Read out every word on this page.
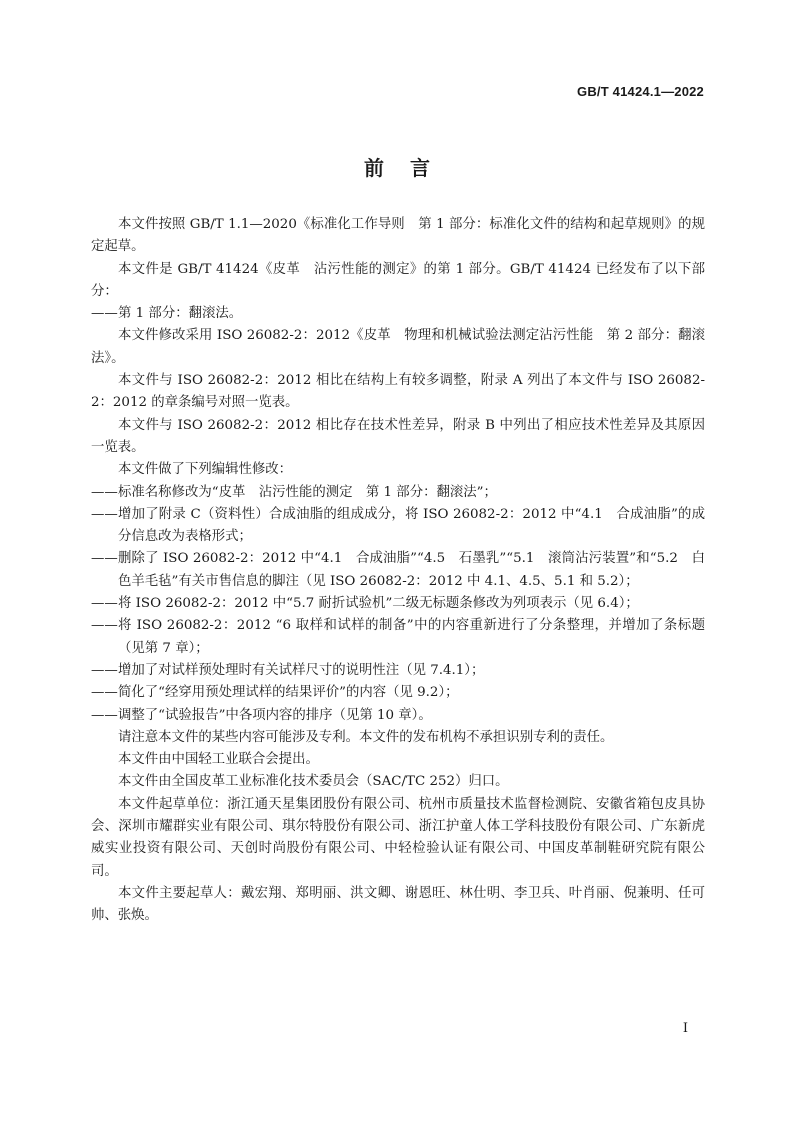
GB/T 41424.1—2022
前言

本文件按照 GB/T 1.1—2020《标准化工作导则　第 1 部分：标准化文件的结构和起草规则》的规定起草。

本文件是 GB/T 41424《皮革　沾污性能的测定》的第 1 部分。GB/T 41424 已经发布了以下部分：

—— 第 1 部分：翻滚法。

本文件修改采用 ISO 26082-2：2012《皮革　物理和机械试验法测定沾污性能　第 2 部分：翻滚法》。

本文件与 ISO 26082-2：2012 相比在结构上有较多调整，附录 A 列出了本文件与 ISO 26082-2：2012 的章条编号对照一览表。

本文件与 ISO 26082-2：2012 相比存在技术性差异，附录 B 中列出了相应技术性差异及其原因一览表。

本文件做了下列编辑性修改：

—— 标准名称修改为“皮革　沾污性能的测定　第 1 部分：翻滚法”；

—— 增加了附录 C（资料性）合成油脂的组成成分，将 ISO 26082-2：2012 中“4.1　合成油脂”的成分信息改为表格形式；

—— 删除了 ISO 26082-2：2012 中“4.1　合成油脂”“4.5　石墨乳”“5.1　滚筒沾污装置”和“5.2　白色羊毛毡”有关市售信息的脚注（见 ISO 26082-2：2012 中 4.1、4.5、5.1 和 5.2）；

—— 将 ISO 26082-2：2012 中“5.7 耐折试验机”二级无标题条修改为列项表示（见 6.4）；

—— 将 ISO 26082-2：2012 “6 取样和试样的制备”中的内容重新进行了分条整理，并增加了条标题（见第 7 章）；

—— 增加了对试样预处理时有关试样尺寸的说明性注（见 7.4.1）；

—— 简化了“经穿用预处理试样的结果评价”的内容（见 9.2）；

—— 调整了“试验报告”中各项内容的排序（见第 10 章）。

请注意本文件的某些内容可能涉及专利。本文件的发布机构不承担识别专利的责任。

本文件由中国轻工业联合会提出。

本文件由全国皮革工业标准化技术委员会（SAC/TC 252）归口。

本文件起草单位：浙江通天星集团股份有限公司、杭州市质量技术监督检测院、安徽省箱包皮具协会、深圳市耀群实业有限公司、琪尔特股份有限公司、浙江护童人体工学科技股份有限公司、广东新虎威实业投资有限公司、天创时尚股份有限公司、中轻检验认证有限公司、中国皮革制鞋研究院有限公司。

本文件主要起草人：戴宏翔、郑明丽、洪文卿、谢恩旺、林仕明、李卫兵、叶肖丽、倪兼明、任可帅、张焕。

I
